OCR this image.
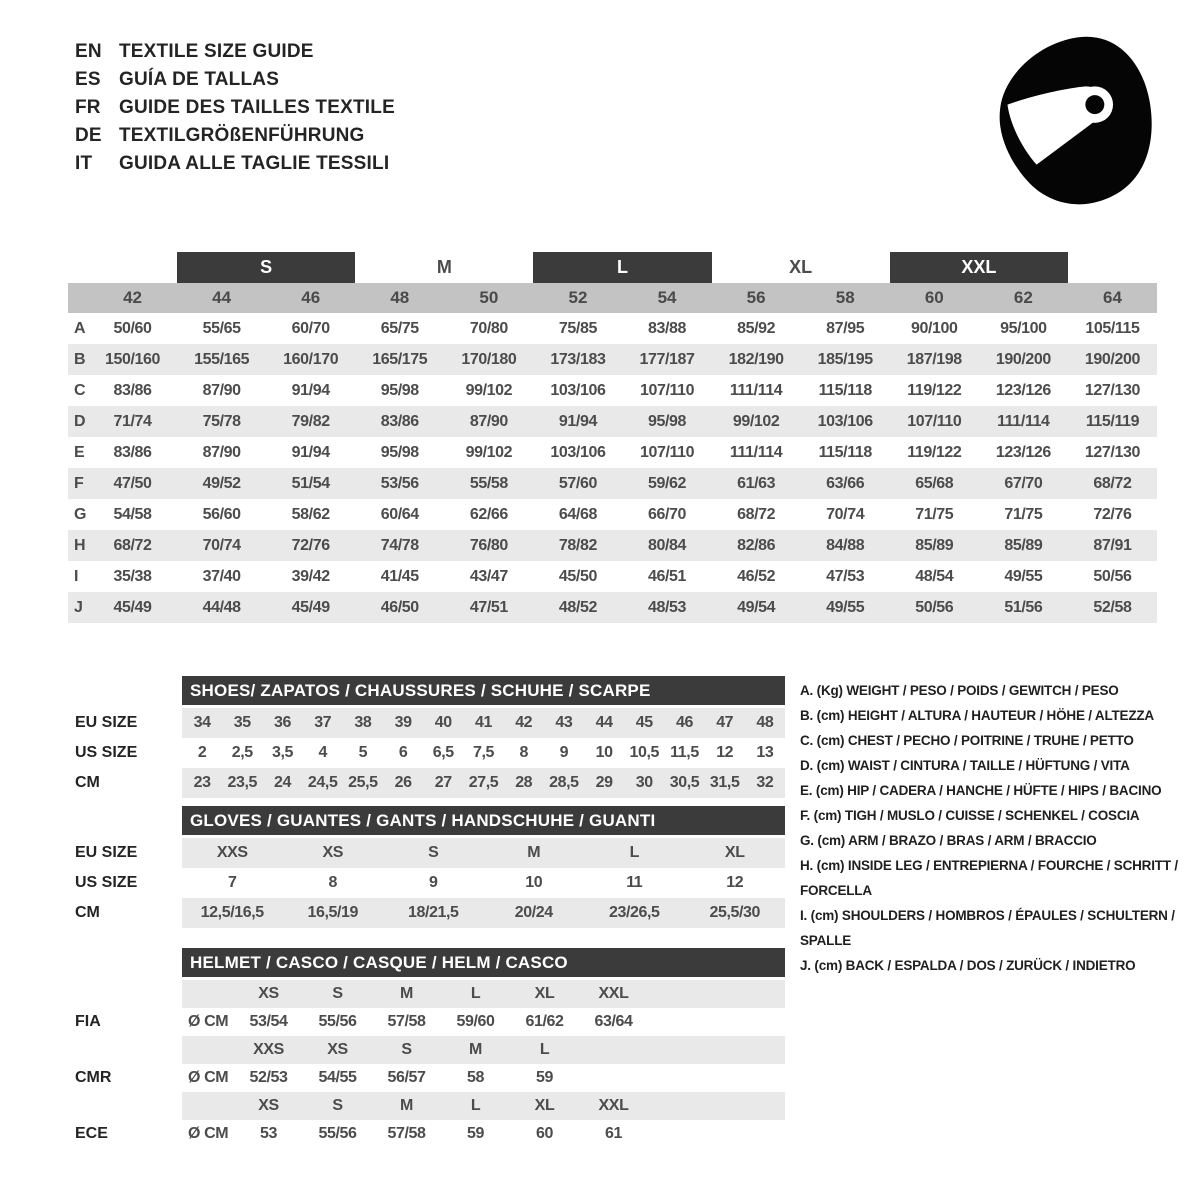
EN TEXTILE SIZE GUIDE
ES GUÍA DE TALLAS
FR GUIDE DES TAILLES TEXTILE
DE TEXTILGRÖßENFÜHRUNG
IT	GUIDA ALLE TAGLIE TESSILI
S	M	L	XL	XXL
42	44	46	48	50	52	54	56	58	60	62	64
A	50/60	55/65	60/70	65/75	70/80	75/85	83/88	85/92	87/95	90/100	95/100	105/115
B	150/160	155/165	160/170	165/175	170/180	173/183	177/187	182/190	185/195	187/198	190/200	190/200
C	83/86	87/90	91/94	95/98	99/102	103/106	107/110	111/114	115/118	119/122	123/126	127/130
D	71/74	75/78	79/82	83/86	87/90	91/94	95/98	99/102	103/106	107/110	111/114	115/119
E	83/86	87/90	91/94	95/98	99/102	103/106	107/110	111/114	115/118	119/122	123/126	127/130
F	47/50	49/52	51/54	53/56	55/58	57/60	59/62	61/63	63/66	65/68	67/70	68/72
G	54/58	56/60	58/62	60/64	62/66	64/68	66/70	68/72	70/74	71/75	71/75	72/76
H	68/72	70/74	72/76	74/78	76/80	78/82	80/84	82/86	84/88	85/89	85/89	87/91
I	35/38	37/40	39/42	41/45	43/47	45/50	46/51	46/52	47/53	48/54	49/55	50/56
J	45/49	44/48	45/49	46/50	47/51	48/52	48/53	49/54	49/55	50/56	51/56	52/58
SHOES/ ZAPATOS / CHAUSSURES / SCHUHE / SCARPE
EU SIZE	34	35	36	37	38	39	40	41	42	43	44	45	46	47	48
US SIZE	2	2,5	3,5	4	5	6	6,5	7,5	8	9	10	10,5 11,5	12	13
CM	23	23,5	24	24,5 25,5	26	27	27,5	28	28,5	29	30	30,5 31,5	32
GLOVES / GUANTES / GANTS / HANDSCHUHE / GUANTI
EU SIZE	XXS	XS	S	M	L	XL
US SIZE	7	8	9	10	11	12
CM	12,5/16,5	16,5/19	18/21,5	20/24	23/26,5	25,5/30
HELMET / CASCO / CASQUE / HELM / CASCO
XS	S	M	L	XL	XXL
FIA	Ø CM	53/54	55/56	57/58	59/60	61/62	63/64
XXS	XS	S	M	L
CMR	Ø CM	52/53	54/55	56/57	58	59
XS	S	M	L	XL	XXL
ECE	Ø CM	53	55/56	57/58	59	60	61
A. (Kg) WEIGHT / PESO / POIDS / GEWITCH / PESO
B. (cm) HEIGHT / ALTURA / HAUTEUR / HÖHE / ALTEZZA
C. (cm) CHEST / PECHO / POITRINE / TRUHE / PETTO
D. (cm) WAIST / CINTURA / TAILLE / HÜFTUNG / VITA
E. (cm) HIP / CADERA / HANCHE / HÜFTE / HIPS / BACINO
F. (cm) TIGH / MUSLO / CUISSE / SCHENKEL / COSCIA
G. (cm) ARM / BRAZO / BRAS / ARM / BRACCIO
H. (cm) INSIDE LEG / ENTREPIERNA / FOURCHE / SCHRITT / FORCELLA
I. (cm) SHOULDERS / HOMBROS / ÉPAULES / SCHULTERN / SPALLE
J. (cm) BACK / ESPALDA / DOS / ZURÜCK / INDIETRO
